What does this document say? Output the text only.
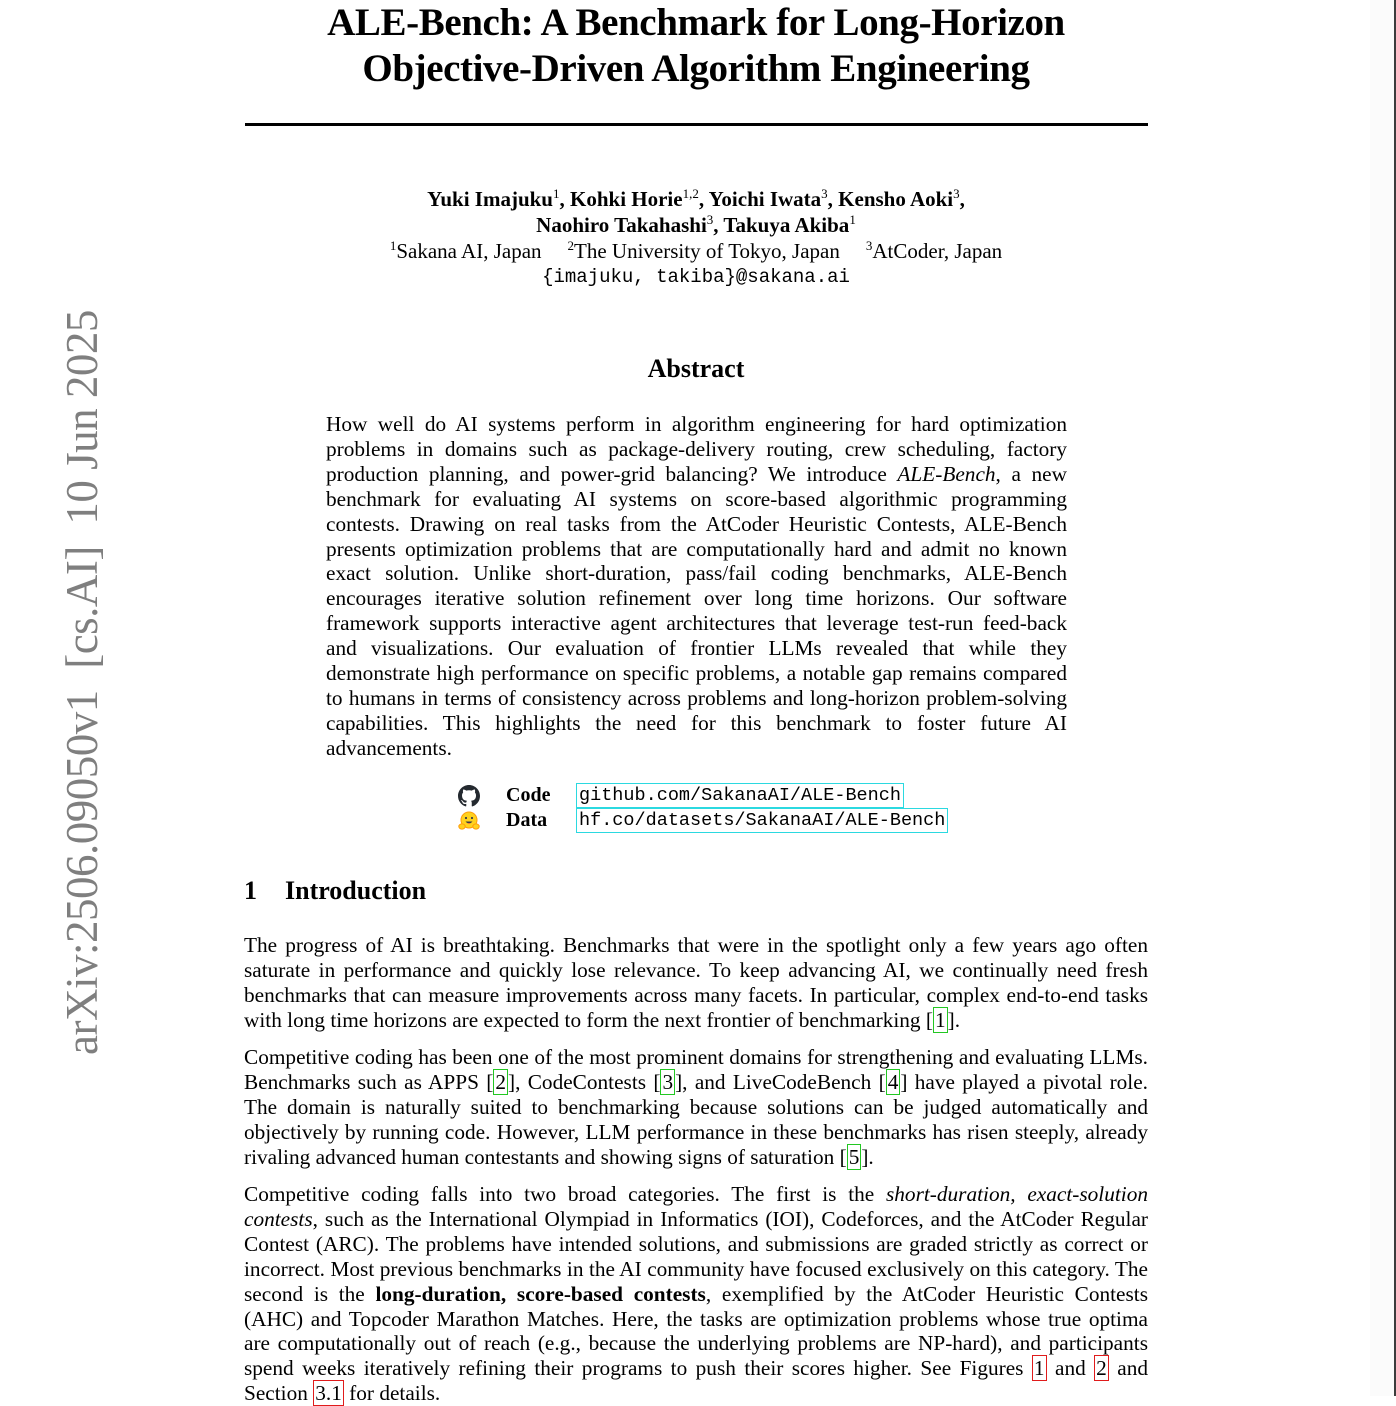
arXiv:2506.09050v1  [cs.AI]  10 Jun 2025
ALE-Bench: A Benchmark for Long-Horizon
Objective-Driven Algorithm Engineering
Yuki Imajuku$^1$, Kohki Horie$^{1,2}$, Yoichi Iwata$^3$, Kensho Aoki$^3$,
Naohiro Takahashi$^3$, Takuya Akiba$^1$
$^1$Sakana AI, Japan $^2$The University of Tokyo, Japan $^3$AtCoder, Japan
{imajuku, takiba}@sakana.ai
Abstract
How well do AI systems perform in algorithm engineering for hard optimization problems in domains such as package-delivery routing, crew scheduling, factory production planning, and power-grid balancing? We introduce ALE-Bench, a new benchmark for evaluating AI systems on score-based algorithmic programming contests. Drawing on real tasks from the AtCoder Heuristic Contests, ALE-Bench presents optimization problems that are computationally hard and admit no known exact solution. Unlike short-duration, pass/fail coding benchmarks, ALE-Bench encourages iterative solution refinement over long time horizons. Our software framework supports interactive agent architectures that leverage test-run feed-back and visualizations. Our evaluation of frontier LLMs revealed that while they demonstrate high performance on specific problems, a notable gap remains compared to humans in terms of consistency across problems and long-horizon problem-solving capabilities. This highlights the need for this benchmark to foster future AI advancements.
Code	github.com/SakanaAI/ALE-Bench
Data	hf.co/datasets/SakanaAI/ALE-Bench
1 Introduction
The progress of AI is breathtaking. Benchmarks that were in the spotlight only a few years ago often saturate in performance and quickly lose relevance. To keep advancing AI, we continually need fresh benchmarks that can measure improvements across many facets. In particular, complex end-to-end tasks with long time horizons are expected to form the next frontier of benchmarking [1].
Competitive coding has been one of the most prominent domains for strengthening and evaluating LLMs. Benchmarks such as APPS [2], CodeContests [3], and LiveCodeBench [4] have played a pivotal role. The domain is naturally suited to benchmarking because solutions can be judged automatically and objectively by running code. However, LLM performance in these benchmarks has risen steeply, already rivaling advanced human contestants and showing signs of saturation [5].
Competitive coding falls into two broad categories. The first is the short-duration, exact-solution contests, such as the International Olympiad in Informatics (IOI), Codeforces, and the AtCoder Regular Contest (ARC). The problems have intended solutions, and submissions are graded strictly as correct or incorrect. Most previous benchmarks in the AI community have focused exclusively on this category. The second is the long-duration, score-based contests, exemplified by the AtCoder Heuristic Contests (AHC) and Topcoder Marathon Matches. Here, the tasks are optimization problems whose true optima are computationally out of reach (e.g., because the underlying problems are NP-hard), and participants spend weeks iteratively refining their programs to push their scores higher. See Figures 1 and 2 and Section 3.1 for details.
